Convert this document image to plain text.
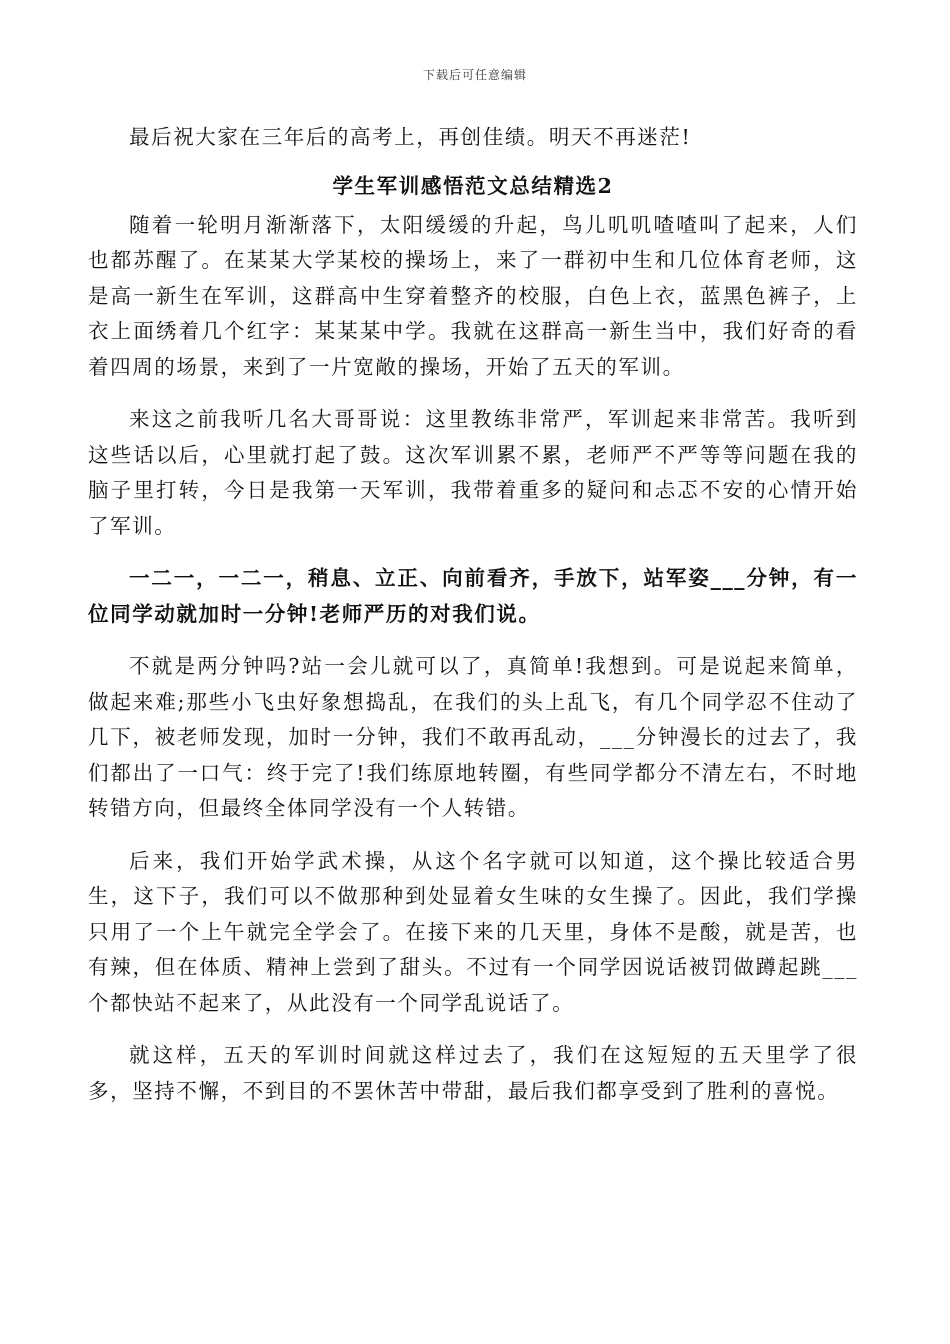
下载后可任意编辑

最后祝大家在三年后的高考上，再创佳绩。明天不再迷茫!

学生军训感悟范文总结精选2

随着一轮明月渐渐落下，太阳缓缓的升起，鸟儿叽叽喳喳叫了起来，人们也都苏醒了。在某某大学某校的操场上，来了一群初中生和几位体育老师，这是高一新生在军训，这群高中生穿着整齐的校服，白色上衣，蓝黑色裤子，上衣上面绣着几个红字：某某某中学。我就在这群高一新生当中，我们好奇的看着四周的场景，来到了一片宽敞的操场，开始了五天的军训。

来这之前我听几名大哥哥说：这里教练非常严，军训起来非常苦。我听到这些话以后，心里就打起了鼓。这次军训累不累，老师严不严等等问题在我的脑子里打转，今日是我第一天军训，我带着重多的疑问和忐忑不安的心情开始了军训。

一二一，一二一，稍息、立正、向前看齐，手放下，站军姿___分钟，有一位同学动就加时一分钟!老师严历的对我们说。

不就是两分钟吗?站一会儿就可以了，真简单!我想到。可是说起来简单，做起来难;那些小飞虫好象想捣乱，在我们的头上乱飞，有几个同学忍不住动了几下，被老师发现，加时一分钟，我们不敢再乱动，___分钟漫长的过去了，我们都出了一口气：终于完了!我们练原地转圈，有些同学都分不清左右，不时地转错方向，但最终全体同学没有一个人转错。

后来，我们开始学武术操，从这个名字就可以知道，这个操比较适合男生，这下子，我们可以不做那种到处显着女生味的女生操了。因此，我们学操只用了一个上午就完全学会了。在接下来的几天里，身体不是酸，就是苦，也有辣，但在体质、精神上尝到了甜头。不过有一个同学因说话被罚做蹲起跳___个都快站不起来了，从此没有一个同学乱说话了。

就这样，五天的军训时间就这样过去了，我们在这短短的五天里学了很多，坚持不懈，不到目的不罢休苦中带甜，最后我们都享受到了胜利的喜悦。
